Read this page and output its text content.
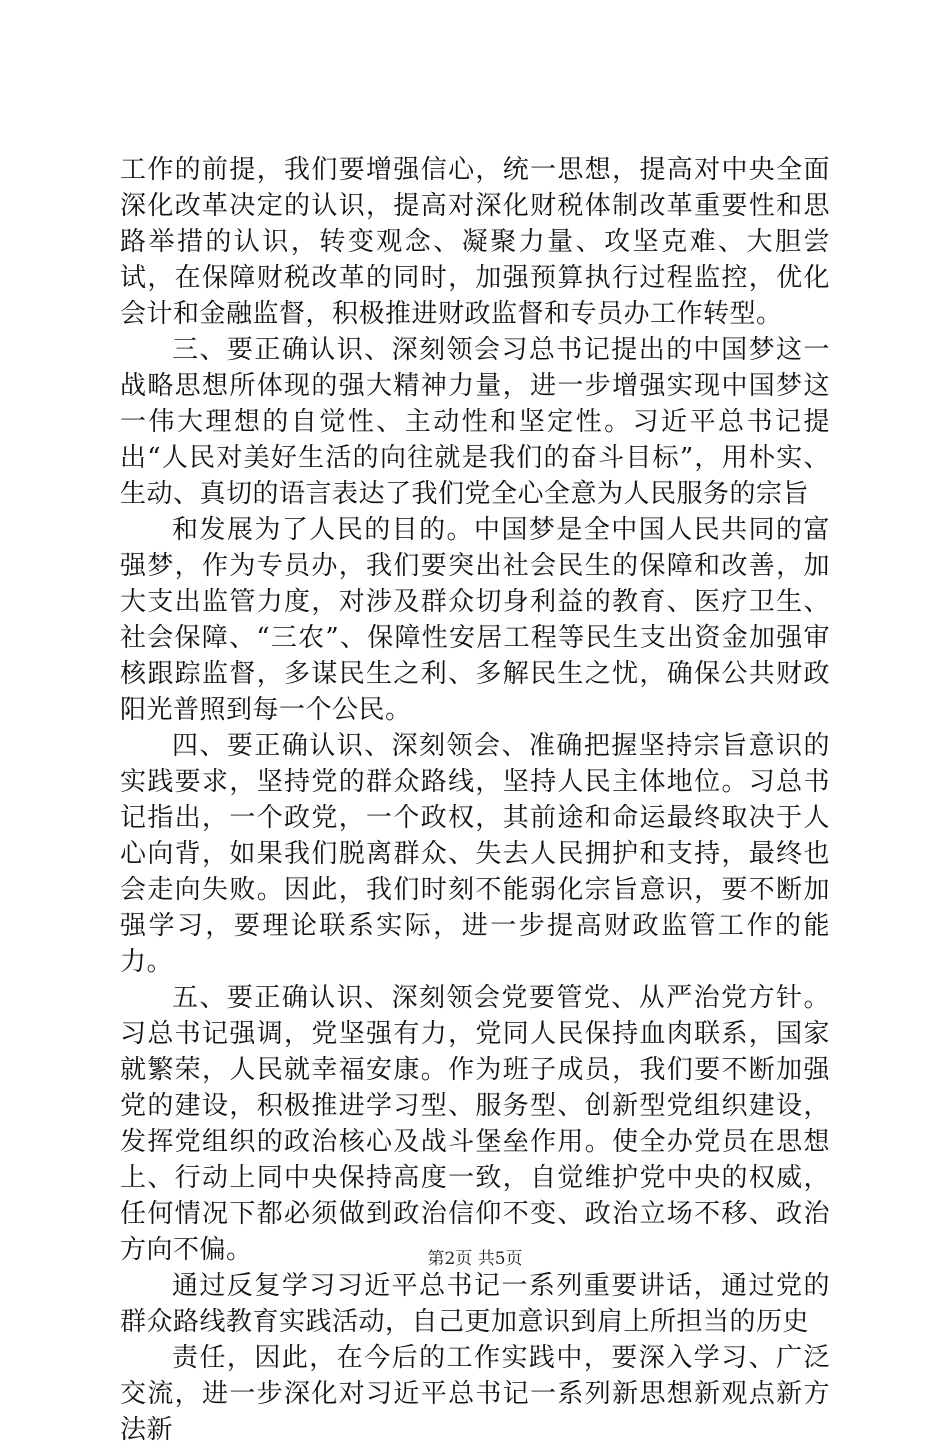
工作的前提，我们要增强信心，统一思想，提高对中央全面深化改革决定的认识，提高对深化财税体制改革重要性和思路举措的认识，转变观念、凝聚力量、攻坚克难、大胆尝试，在保障财税改革的同时，加强预算执行过程监控，优化会计和金融监督，积极推进财政监督和专员办工作转型。

三、要正确认识、深刻领会习总书记提出的中国梦这一战略思想所体现的强大精神力量，进一步增强实现中国梦这一伟大理想的自觉性、主动性和坚定性。习近平总书记提出“人民对美好生活的向往就是我们的奋斗目标”，用朴实、生动、真切的语言表达了我们党全心全意为人民服务的宗旨

和发展为了人民的目的。中国梦是全中国人民共同的富强梦，作为专员办，我们要突出社会民生的保障和改善，加大支出监管力度，对涉及群众切身利益的教育、医疗卫生、社会保障、“三农”、保障性安居工程等民生支出资金加强审核跟踪监督，多谋民生之利、多解民生之忧，确保公共财政阳光普照到每一个公民。

四、要正确认识、深刻领会、准确把握坚持宗旨意识的实践要求，坚持党的群众路线，坚持人民主体地位。习总书记指出，一个政党，一个政权，其前途和命运最终取决于人心向背，如果我们脱离群众、失去人民拥护和支持，最终也会走向失败。因此，我们时刻不能弱化宗旨意识，要不断加强学习，要理论联系实际，进一步提高财政监管工作的能力。

五、要正确认识、深刻领会党要管党、从严治党方针。习总书记强调，党坚强有力，党同人民保持血肉联系，国家就繁荣，人民就幸福安康。作为班子成员，我们要不断加强党的建设，积极推进学习型、服务型、创新型党组织建设，发挥党组织的政治核心及战斗堡垒作用。使全办党员在思想上、行动上同中央保持高度一致，自觉维护党中央的权威，任何情况下都必须做到政治信仰不变、政治立场不移、政治方向不偏。

通过反复学习习近平总书记一系列重要讲话，通过党的群众路线教育实践活动，自己更加意识到肩上所担当的历史

责任，因此，在今后的工作实践中，要深入学习、广泛交流，进一步深化对习近平总书记一系列新思想新观点新方法新

第2页 共5页
